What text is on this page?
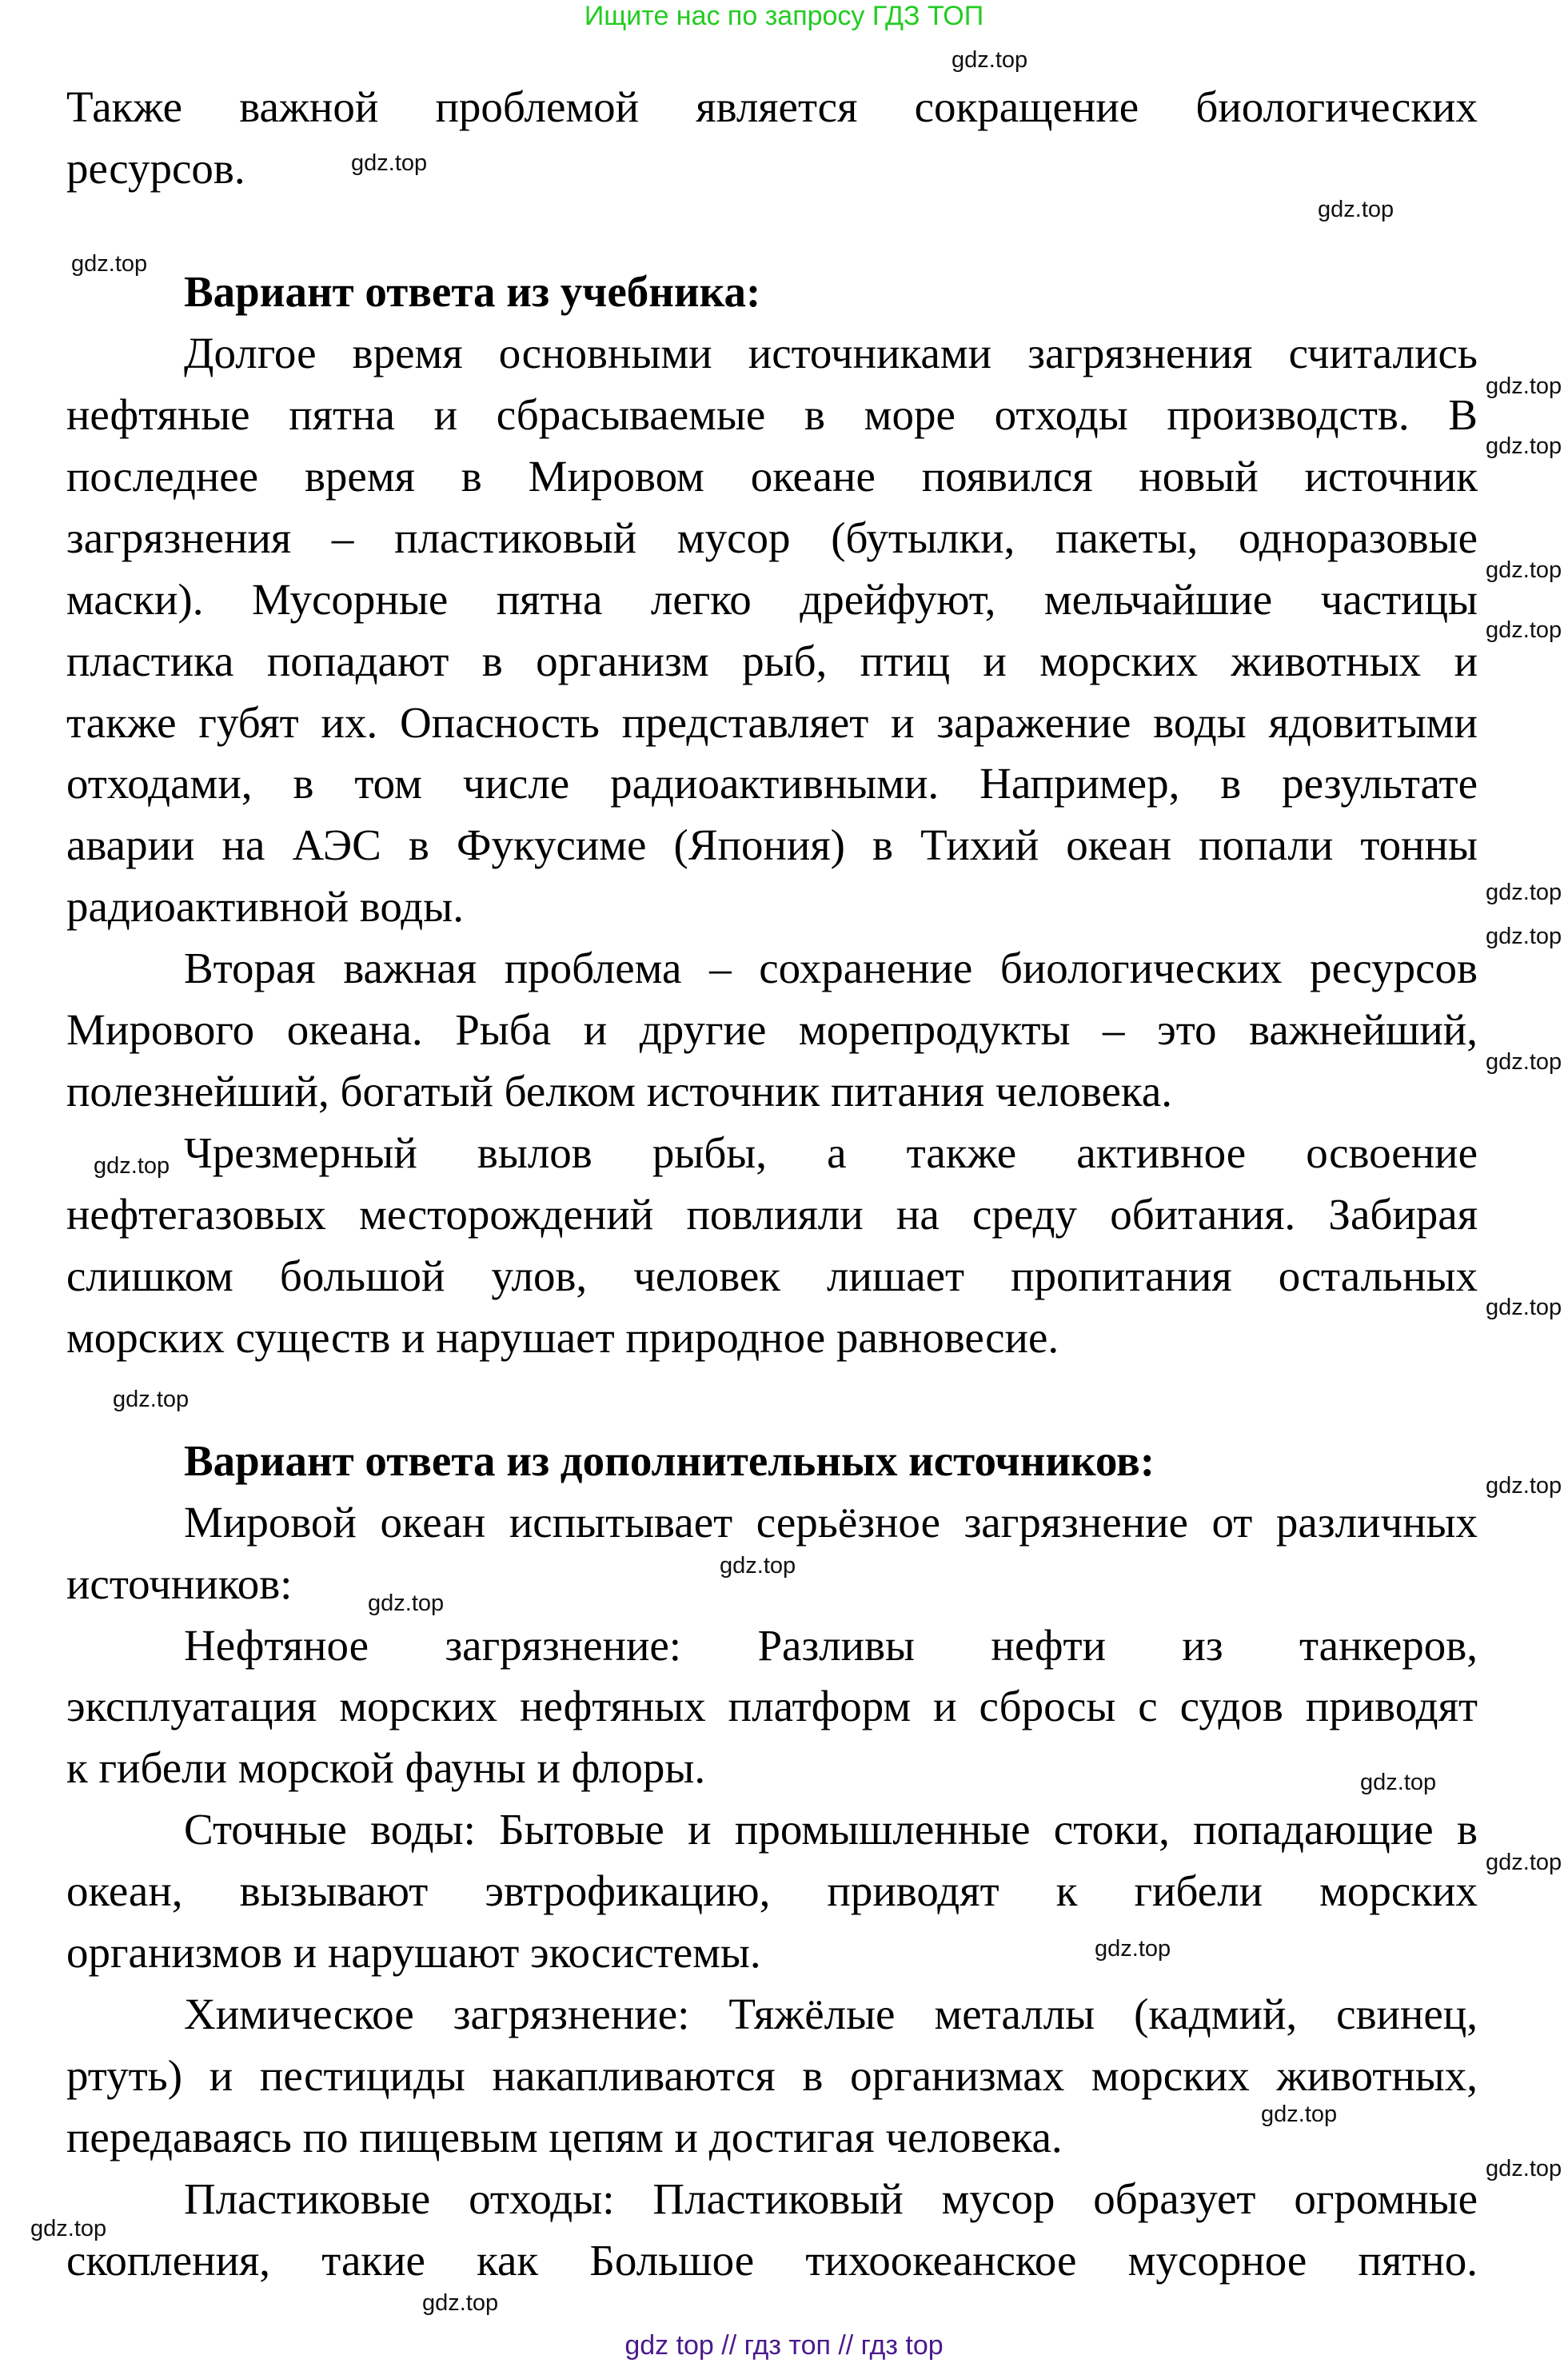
Ищите нас по запросу ГДЗ ТОП
Также важной проблемой является сокращение биологических
ресурсов.
Вариант ответа из учебника:
Долгое время основными источниками загрязнения считались
нефтяные пятна и сбрасываемые в море отходы производств. В
последнее время в Мировом океане появился новый источник
загрязнения – пластиковый мусор (бутылки, пакеты, одноразовые
маски). Мусорные пятна легко дрейфуют, мельчайшие частицы
пластика попадают в организм рыб, птиц и морских животных и
также губят их. Опасность представляет и заражение воды ядовитыми
отходами, в том числе радиоактивными. Например, в результате
аварии на АЭС в Фукусиме (Япония) в Тихий океан попали тонны
радиоактивной воды.
Вторая важная проблема – сохранение биологических ресурсов
Мирового океана. Рыба и другие морепродукты – это важнейший,
полезнейший, богатый белком источник питания человека.
Чрезмерный вылов рыбы, а также активное освоение
нефтегазовых месторождений повлияли на среду обитания. Забирая
слишком большой улов, человек лишает пропитания остальных
морских существ и нарушает природное равновесие.
Вариант ответа из дополнительных источников:
Мировой океан испытывает серьёзное загрязнение от различных
источников:
Нефтяное загрязнение: Разливы нефти из танкеров,
эксплуатация морских нефтяных платформ и сбросы с судов приводят
к гибели морской фауны и флоры.
Сточные воды: Бытовые и промышленные стоки, попадающие в
океан, вызывают эвтрофикацию, приводят к гибели морских
организмов и нарушают экосистемы.
Химическое загрязнение: Тяжёлые металлы (кадмий, свинец,
ртуть) и пестициды накапливаются в организмах морских животных,
передаваясь по пищевым цепям и достигая человека.
Пластиковые отходы: Пластиковый мусор образует огромные
скопления, такие как Большое тихоокеанское мусорное пятно.
gdz.top
gdz.top
gdz.top
gdz.top
gdz.top
gdz.top
gdz.top
gdz.top
gdz.top
gdz.top
gdz.top
gdz.top
gdz.top
gdz.top
gdz.top
gdz.top
gdz.top
gdz.top
gdz.top
gdz.top
gdz.top
gdz.top
gdz.top
gdz.top
gdz top // гдз топ // гдз top
